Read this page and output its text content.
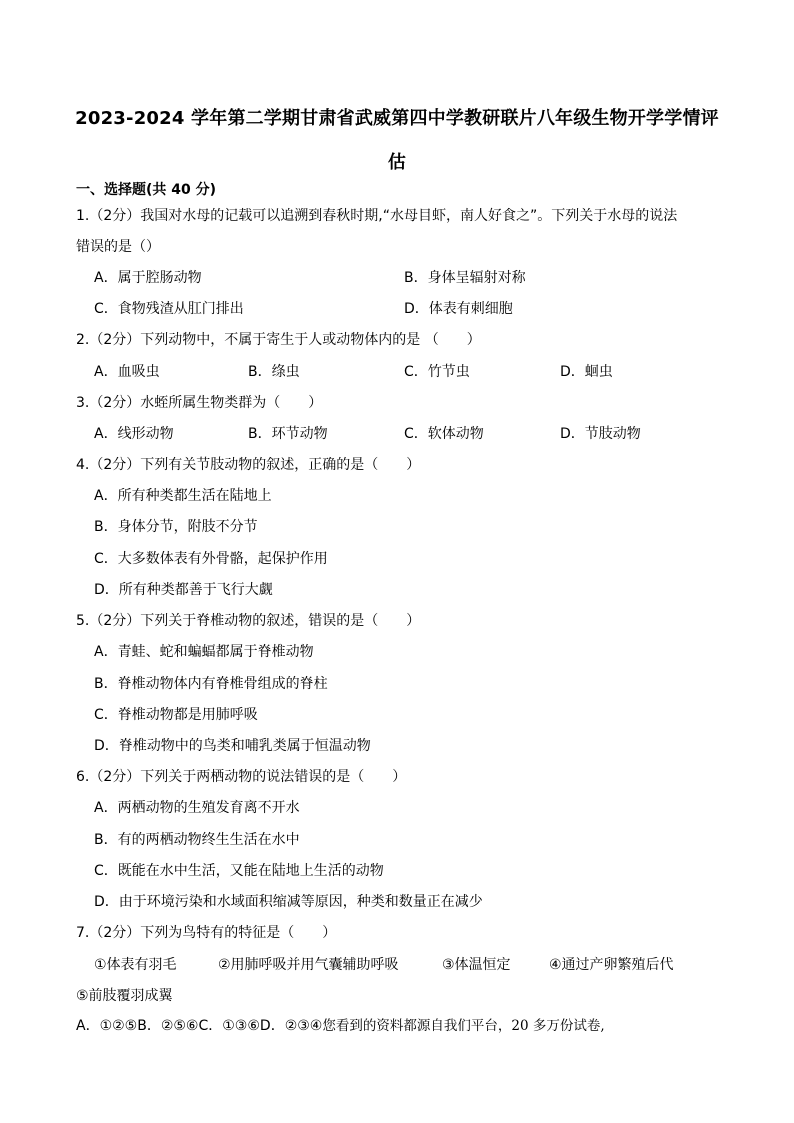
2023-2024 学年第二学期甘肃省武威第四中学教研联片八年级生物开学学情评
估
一、选择题(共 40 分)
1.（2分）我国对水母的记载可以追溯到春秋时期,“水母目虾，南人好食之”。下列关于水母的说法
错误的是（）
A．属于腔肠动物	B．身体呈辐射对称
C．食物残渣从肛门排出	D．体表有刺细胞
2.（2分）下列动物中，不属于寄生于人或动物体内的是 （　　）
A．血吸虫	B．绦虫	C．竹节虫	D．蛔虫
3.（2分）水蛭所属生物类群为（　　）
A．线形动物	B．环节动物	C．软体动物	D．节肢动物
4.（2分）下列有关节肢动物的叙述，正确的是（　　）
A．所有种类都生活在陆地上
B．身体分节，附肢不分节
C．大多数体表有外骨骼，起保护作用
D．所有种类都善于飞行大觑
5.（2分）下列关于脊椎动物的叙述，错误的是（　　）
A．青蛙、蛇和蝙蝠都属于脊椎动物
B．脊椎动物体内有脊椎骨组成的脊柱
C．脊椎动物都是用肺呼吸
D．脊椎动物中的鸟类和哺乳类属于恒温动物
6.（2分）下列关于两栖动物的说法错误的是（　　）
A．两栖动物的生殖发育离不开水
B．有的两栖动物终生生活在水中
C．既能在水中生活，又能在陆地上生活的动物
D．由于环境污染和水域面积缩减等原因，种类和数量正在减少
7.（2分）下列为鸟特有的特征是（　　）
①体表有羽毛	②用肺呼吸并用气囊辅助呼吸	③体温恒定	④通过产卵繁殖后代
⑤前肢覆羽成翼
A．①②⑤B．②⑤⑥C．①③⑥D．②③④您看到的资料都源自我们平台，20 多万份试卷,
